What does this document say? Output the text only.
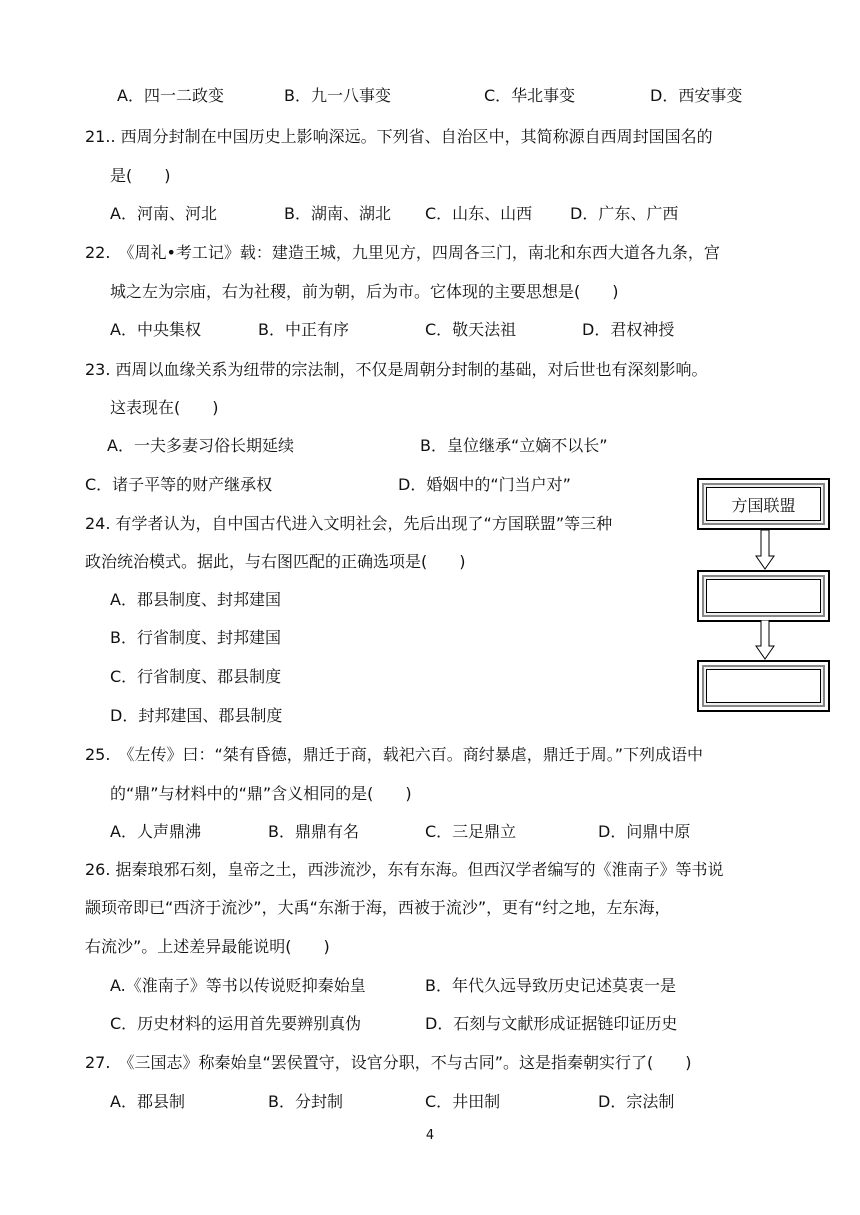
A．四一二政变	B．九一八事变	C．华北事变	D．西安事变
21.. 西周分封制在中国历史上影响深远。下列省、自治区中，其简称源自西周封国国名的
是(　　)
A．河南、河北	B．湖南、湖北 C．山东、山西 D．广东、广西
22.　《周礼•考工记》载：建造王城，九里见方，四周各三门，南北和东西大道各九条，宫
城之左为宗庙，右为社稷，前为朝，后为市。它体现的主要思想是(　　)
A．中央集权	B．中正有序	C．敬天法祖	D．君权神授
23. 西周以血缘关系为纽带的宗法制，不仅是周朝分封制的基础，对后世也有深刻影响。
这表现在(　　)
A．一夫多妻习俗长期延续	B．皇位继承“立嫡不以长”
C．诸子平等的财产继承权	D．婚姻中的“门当户对”
24. 有学者认为，自中国古代进入文明社会，先后出现了“方国联盟”等三种
政治统治模式。据此，与右图匹配的正确选项是(　　)
A．郡县制度、封邦建国
B．行省制度、封邦建国
C．行省制度、郡县制度
D．封邦建国、郡县制度
方国联盟
25.　《左传》曰：“桀有昏德，鼎迁于商，载祀六百。商纣暴虐，鼎迁于周。”下列成语中
的“鼎”与材料中的“鼎”含义相同的是(　　)
A．人声鼎沸	B．鼎鼎有名	C．三足鼎立	D．问鼎中原
26. 据秦琅邪石刻，皇帝之土，西涉流沙，东有东海。但西汉学者编写的《淮南子》等书说
颛顼帝即已“西济于流沙”，大禹“东渐于海，西被于流沙”，更有“纣之地，左东海，
右流沙”。上述差异最能说明(　　)
A.《淮南子》等书以传说贬抑秦始皇	B．年代久远导致历史记述莫衷一是
C．历史材料的运用首先要辨别真伪	D．石刻与文献形成证据链印证历史
27.　《三国志》称秦始皇“罢侯置守，设官分职，不与古同”。这是指秦朝实行了(　　)
A．郡县制	B．分封制	C．井田制	D．宗法制
4
